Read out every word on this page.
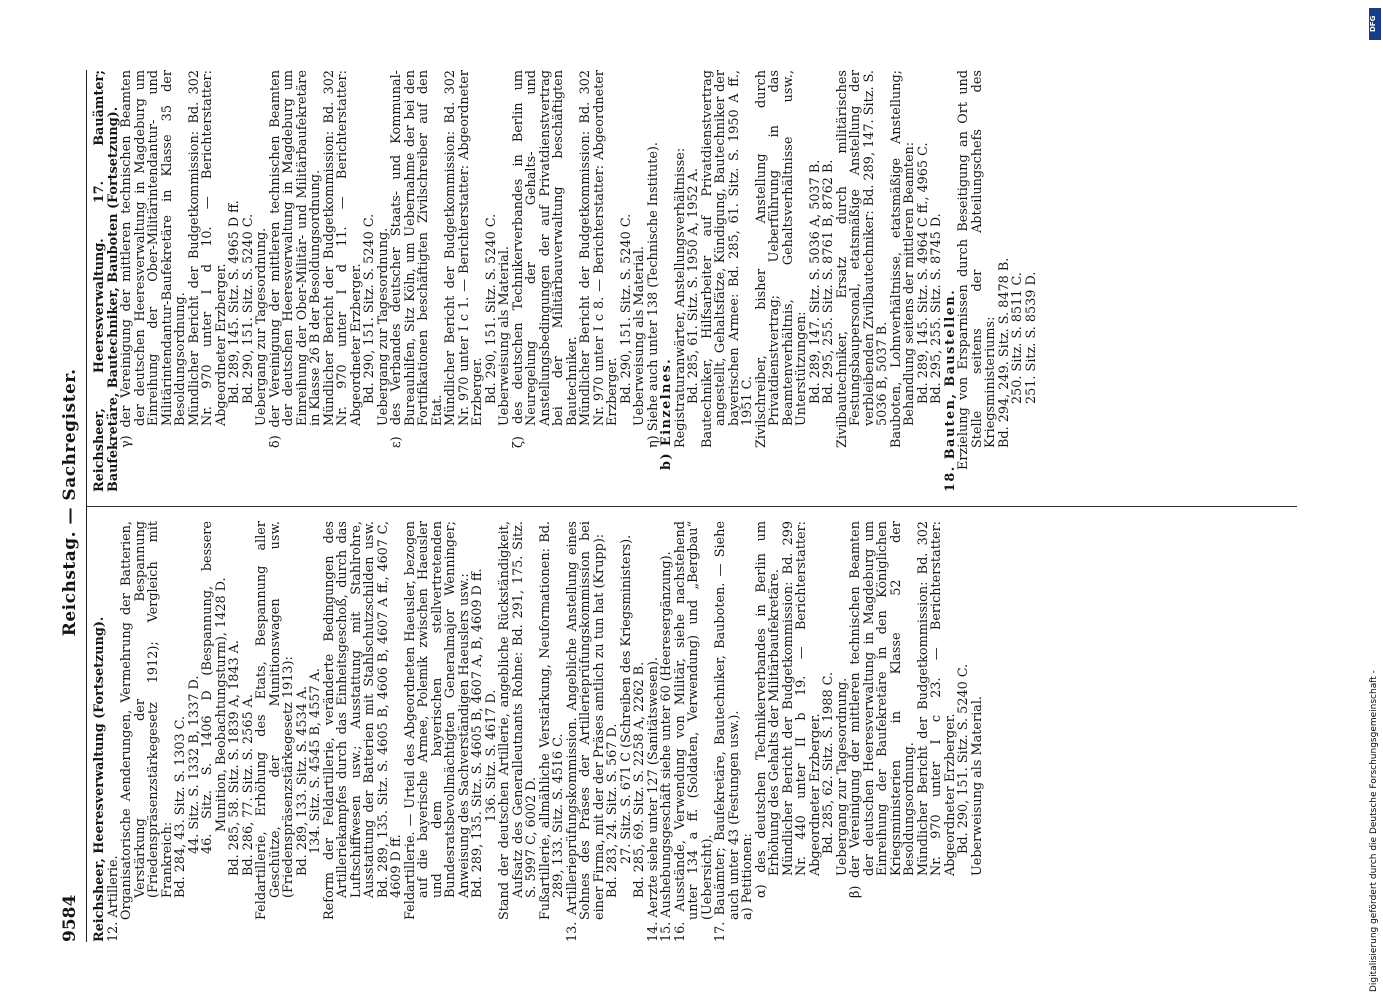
9584
Reichstag. — Sachregister.

Reichsheer, Heeresverwaltung (Fortsetzung).

12. Artillerie.

Organisatorische Aenderungen, Vermehrung der Batterien, Verstärkung der Bespannung (Friedenspräsenzstärkegesetz 1912); Vergleich mit Frankreich:

Bd. 284, 43. Sitz. S. 1303 C.

44. Sitz. S. 1332 B, 1337 D.

46. Sitz. S. 1406 D (Bespannung, bessere Munition, Beobachtungsturm), 1428 D.

Bd. 285, 58. Sitz. S. 1839 A, 1843 A.

Bd. 286, 77. Sitz. S. 2565 A.

Feldartillerie, Erhöhung des Etats, Bespannung aller Geschütze, der Munitionswagen usw. (Friedenspräsenzstärkegesetz 1913):

Bd. 289, 133. Sitz. S. 4534 A.

134. Sitz. S. 4545 B, 4557 A.

Reform der Feldartillerie, veränderte Bedingungen des Artilleriekampfes durch das Einheitsgeschoß, durch das Luftschiffwesen usw.; Ausstattung mit Stahlrohre, Ausstattung der Batterien mit Stahlschutzschilden usw. Bd. 289, 135. Sitz. S. 4605 B, 4606 B, 4607 A ff., 4607 C, 4609 D ff.

Feldartillerie. — Urteil des Abgeordneten Haeusler, bezogen auf die bayerische Armee, Polemik zwischen Haeusler und dem bayerischen stellvertretenden Bundesratsbevollmächtigten Generalmajor Wenninger; Anweisung des Sachverständigen Haeuslers usw.:

Bd. 289, 135. Sitz. S. 4605 B, 4607 A, B, 4609 D ff.

136. Sitz. S. 4617 D.

Stand der deutschen Artillerie, angebliche Rückständigkeit, Aufsatz des Generalleutnants Rohne: Bd. 291, 175. Sitz. S. 5997 C, 6002 D.

Fußartillerie, allmähliche Verstärkung, Neuformationen: Bd. 289, 133. Sitz. S. 4516 C.

13. Artillerieprüfungskommission. Angebliche Anstellung eines Sohnes des Präses der Artillerieprüfungskommission bei einer Firma, mit der der Präses amtlich zu tun hat (Krupp):

Bd. 283, 24. Sitz. S. 567 D.

27. Sitz. S. 671 C (Schreiben des Kriegsministers).

Bd. 285, 69. Sitz. S. 2258 A, 2262 B.

14. Aerzte siehe unter 127 (Sanitätswesen).

15. Aushebungsgeschäft siehe unter 60 (Heeresergänzung).

16. Ausstände, Verwendung von Militär, siehe nachstehend unter 134 a ff. (Soldaten, Verwendung) und „Bergbau“ (Uebersicht).

17. Bauämter; Baufekretäre, Bautechniker, Bauboten. — Siehe auch unter 43 (Festungen usw.).

a) Petitionen:

α) des deutschen Technikerverbandes in Berlin um Erhöhung des Gehalts der Militärbaufekretäre.

Mündlicher Bericht der Budgetkommission: Bd. 299 Nr. 440 unter II b 19. — Berichterstatter: Abgeordneter Erzberger.

Bd. 285, 62. Sitz. S. 1988 C.

Uebergang zur Tagesordnung.

β) der Vereinigung der mittleren technischen Beamten der deutschen Heeresverwaltung in Magdeburg um Einreihung der Baufekretäre in den Königlichen Kriegsministerien in Klasse 52 der Besoldungsordnung.

Mündlicher Bericht der Budgetkommission: Bd. 302 Nr. 970 unter I c 23. — Berichterstatter: Abgeordneter Erzberger.

Bd. 290, 151. Sitz. S. 5240 C.

Ueberweisung als Material.

Reichsheer, Heeresverwaltung. 17. Bauämter; Baufekretäre, Bautechniker, Bauboten (Fortsetzung).

γ) der Vereinigung der mittleren technischen Beamten der deutschen Heeresverwaltung in Magdeburg um Einreihung der Ober-Militärintendantur- und Militärintendantur-Baufekretäre in Klasse 35 der Besoldungsordnung.

Mündlicher Bericht der Budgetkommission: Bd. 302 Nr. 970 unter I d 10. — Berichterstatter: Abgeordneter Erzberger.

Bd. 289, 145. Sitz. S. 4965 D ff.

Bd. 290, 151. Sitz. S. 5240 C.

Uebergang zur Tagesordnung.

δ) der Vereinigung der mittleren technischen Beamten der deutschen Heeresverwaltung in Magdeburg um Einreihung der Ober-Militär- und Militärbaufekretäre in Klasse 26 B der Besoldungsordnung.

Mündlicher Bericht der Budgetkommission: Bd. 302 Nr. 970 unter I d 11. — Berichterstatter: Abgeordneter Erzberger.

Bd. 290, 151. Sitz. S. 5240 C.

Uebergang zur Tagesordnung.

ε) des Verbandes deutscher Staats- und Kommunal-Bureauhilfen, Sitz Köln, um Uebernahme der bei den Fortifikationen beschäftigten Zivilschreiber auf den Etat.

Mündlicher Bericht der Budgetkommission: Bd. 302 Nr. 970 unter I c 1. — Berichterstatter: Abgeordneter Erzberger.

Bd. 290, 151. Sitz. S. 5240 C.

Ueberweisung als Material.

ζ) des deutschen Technikerverbandes in Berlin um Neuregelung der Gehalts- und Anstellungsbedingungen der auf Privatdienstvertrag bei der Militärbauverwaltung beschäftigten Bautechniker.

Mündlicher Bericht der Budgetkommission: Bd. 302 Nr. 970 unter I c 8. — Berichterstatter: Abgeordneter Erzberger.

Bd. 290, 151. Sitz. S. 5240 C.

Ueberweisung als Material.

η) Siehe auch unter 138 (Technische Institute).

b) Einzelnes.

Registraturanwärter, Anstellungsverhältnisse:

Bd. 285, 61. Sitz. S. 1950 A, 1952 A.

Bautechniker, Hilfsarbeiter auf Privatdienstvertrag angestellt, Gehaltsfätze, Kündigung, Bautechniker der bayerischen Armee: Bd. 285, 61. Sitz. S. 1950 A ff., 1951 C.

Zivilschreiber, bisher Anstellung durch Privatdienstvertrag; Ueberführung in das Beamtenverhältnis, Gehaltsverhältnisse usw., Unterstützungen:

Bd. 289, 147. Sitz. S. 5036 A, 5037 B.

Bd. 295, 255. Sitz. S. 8761 B, 8762 B.

Zivilbautechniker, Ersatz durch militärisches Festungsbaupersonal, etatsmäßige Anstellung der verbleibenden Zivilbautechniker: Bd. 289, 147. Sitz. S. 5036 B, 5037 B.

Bauboten, Lohnverhältnisse, etatsmäßige Anstellung; Behandlung seitens der mittleren Beamten:

Bd. 289, 145. Sitz. S. 4964 C ff., 4965 C.

Bd. 295, 255. Sitz. S. 8745 D.

18. Bauten, Baustellen.

Erzielung von Ersparnissen durch Beseitigung an Ort und Stelle seitens der Abteilungschefs des Kriegsministeriums:

Bd. 294, 249. Sitz. S. 8478 B.

250. Sitz. S. 8511 C.

251. Sitz. S. 8539 D.

Digitalisierung gefördert durch die Deutsche Forschungsgemeinschaft -
DFG
